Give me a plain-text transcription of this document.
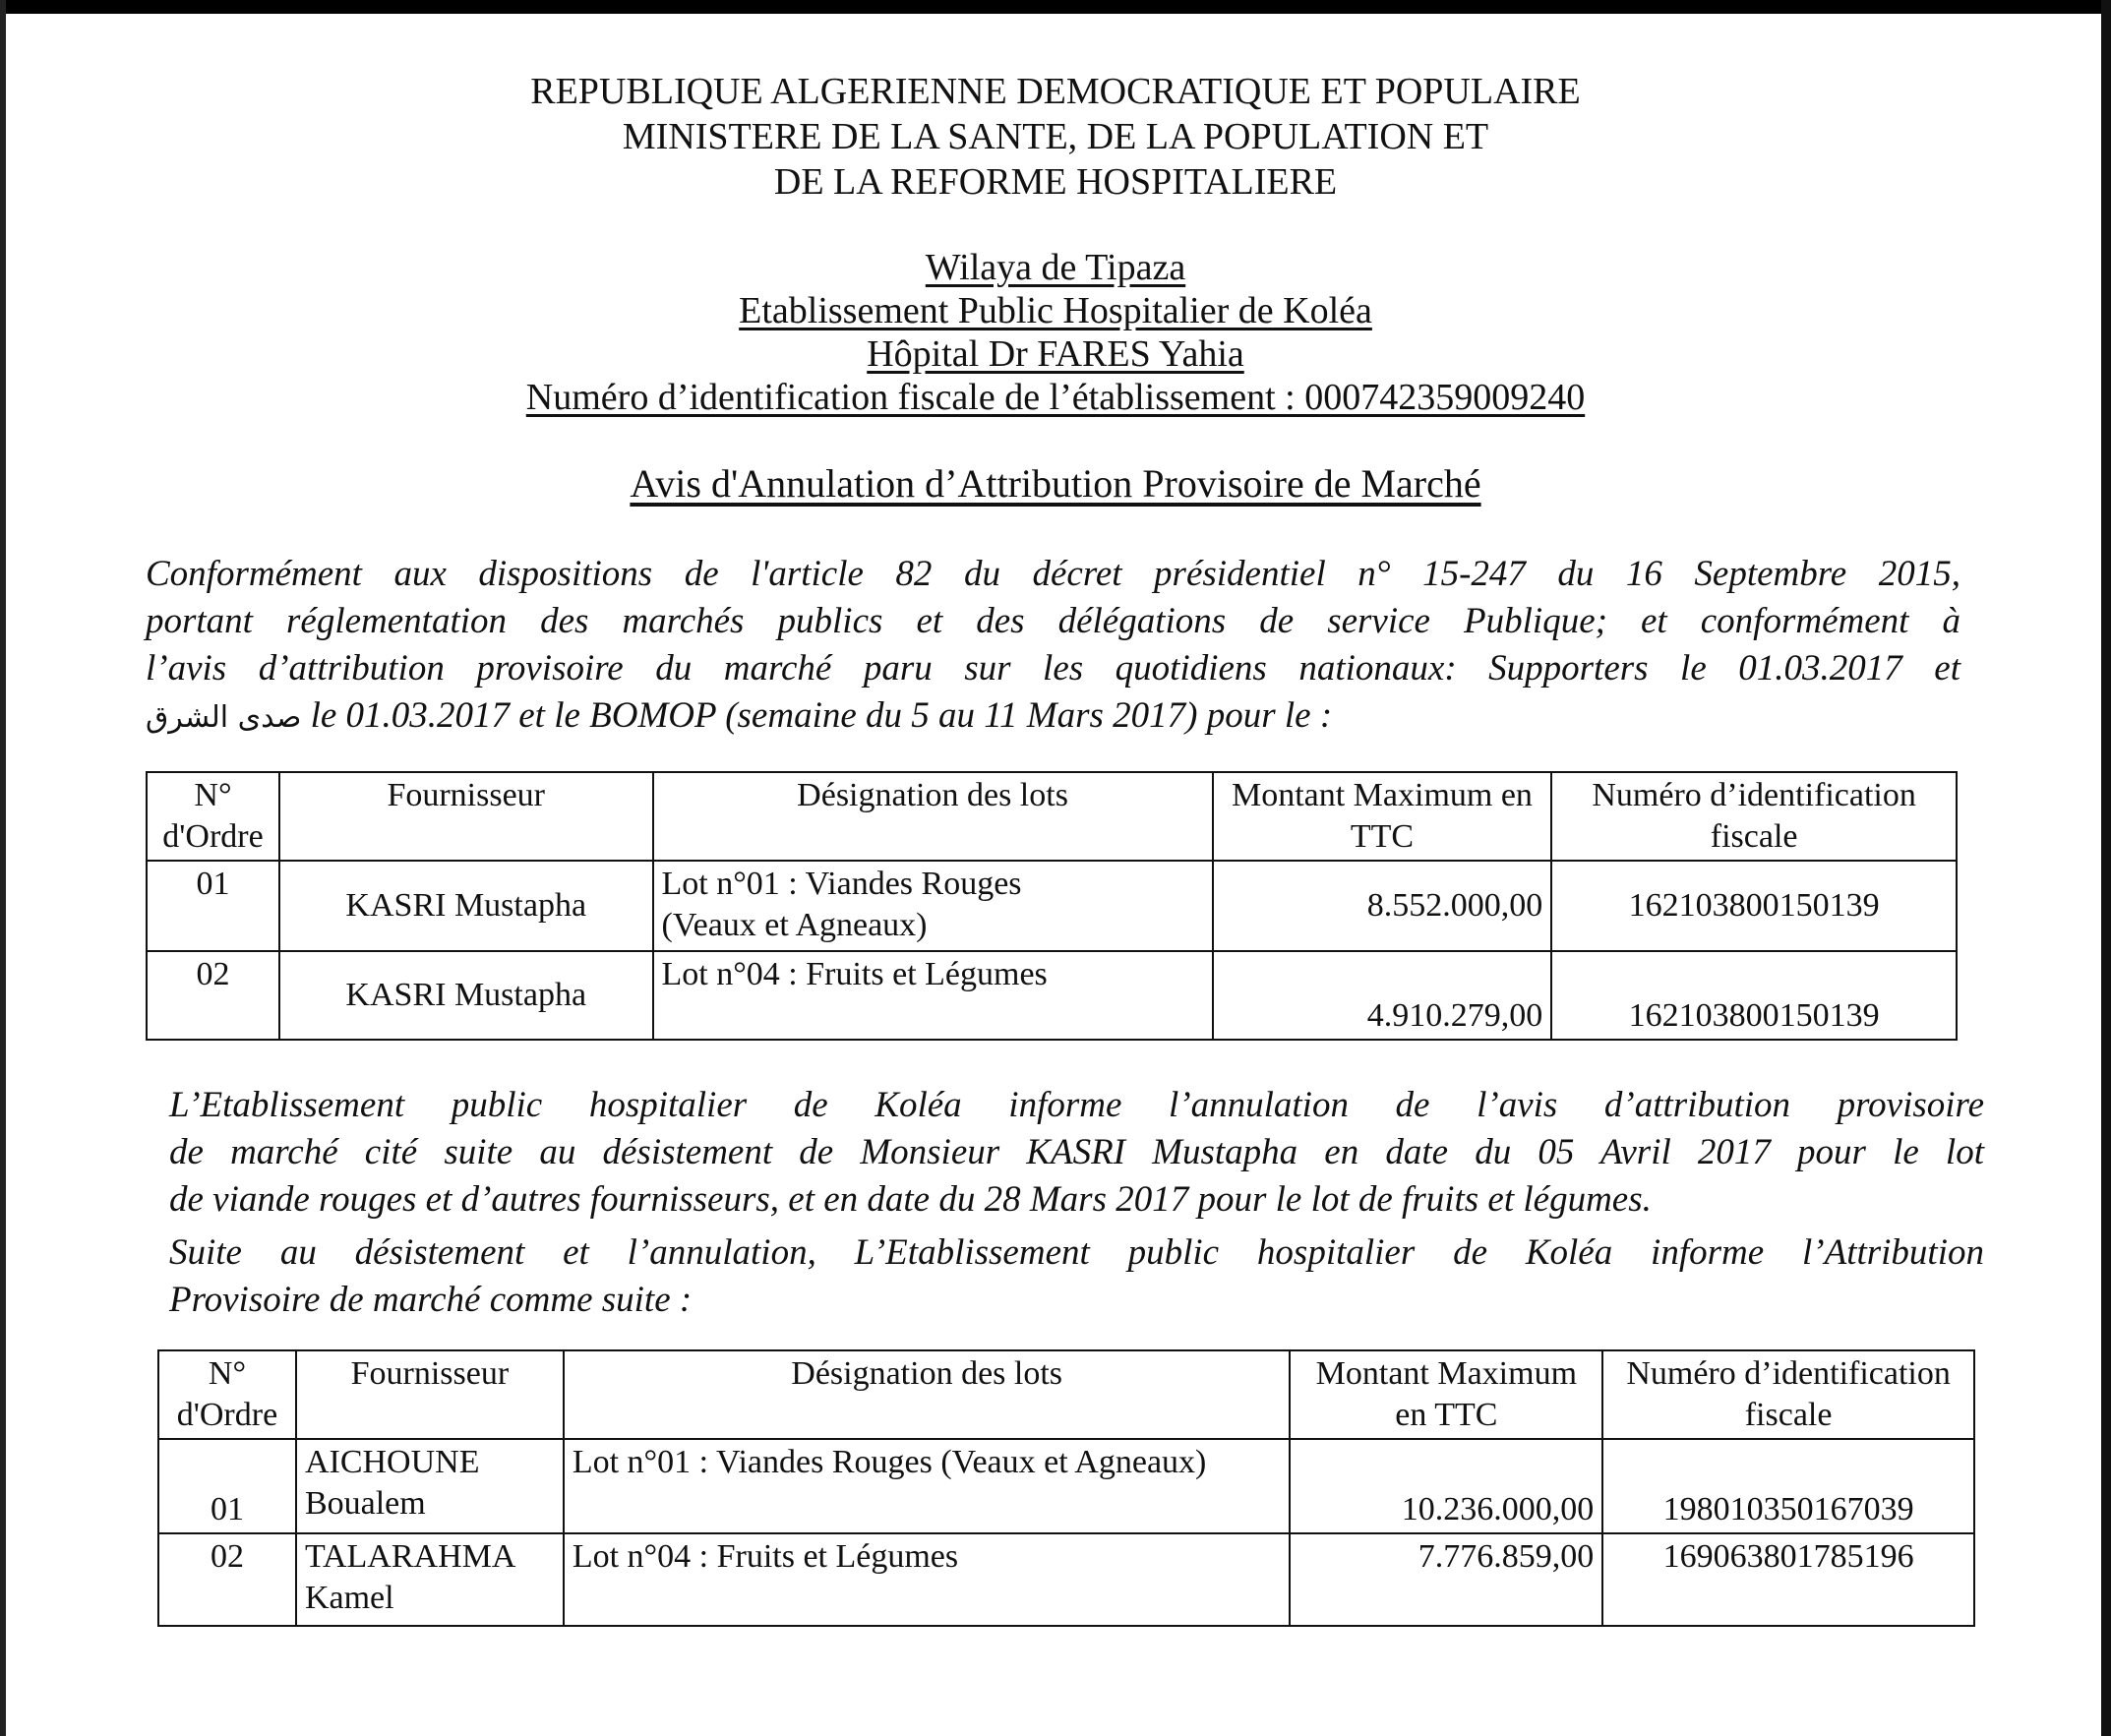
REPUBLIQUE ALGERIENNE DEMOCRATIQUE ET POPULAIRE
MINISTERE DE LA SANTE, DE LA POPULATION ET
DE LA REFORME HOSPITALIERE
Wilaya de Tipaza
Etablissement Public Hospitalier de Koléa
Hôpital Dr FARES Yahia
Numéro d’identification fiscale de l’établissement : 000742359009240
Avis d'Annulation d’Attribution Provisoire de Marché
Conformément aux dispositions de l'article 82 du décret présidentiel n° 15-247 du 16 Septembre 2015,
portant réglementation des marchés publics et des délégations de service Publique; et conformément à
l’avis d’attribution provisoire du marché paru sur les quotidiens nationaux: Supporters le 01.03.2017 et
صدى الشرق le 01.03.2017 et le BOMOP (semaine du 5 au 11 Mars 2017) pour le :
N° d'Ordre	Fournisseur	Désignation des lots	Montant Maximum en TTC	Numéro d’identification fiscale
01	KASRI Mustapha	Lot n°01 : Viandes Rouges
(Veaux et Agneaux)	8.552.000,00	162103800150139
02	KASRI Mustapha	Lot n°04 : Fruits et Légumes	4.910.279,00	162103800150139
L’Etablissement public hospitalier de Koléa informe l’annulation de l’avis d’attribution provisoire
de marché cité suite au désistement de Monsieur KASRI Mustapha en date du 05 Avril 2017 pour le lot
de viande rouges et d’autres fournisseurs, et en date du 28 Mars 2017 pour le lot de fruits et légumes.
Suite au désistement et l’annulation, L’Etablissement public hospitalier de Koléa informe l’Attribution
Provisoire de marché comme suite :
N° d'Ordre	Fournisseur	Désignation des lots	Montant Maximum en TTC	Numéro d’identification fiscale
01	AICHOUNE
Boualem	Lot n°01 : Viandes Rouges (Veaux et Agneaux)	10.236.000,00	198010350167039
02	TALARAHMA
Kamel	Lot n°04 : Fruits et Légumes	7.776.859,00	169063801785196
